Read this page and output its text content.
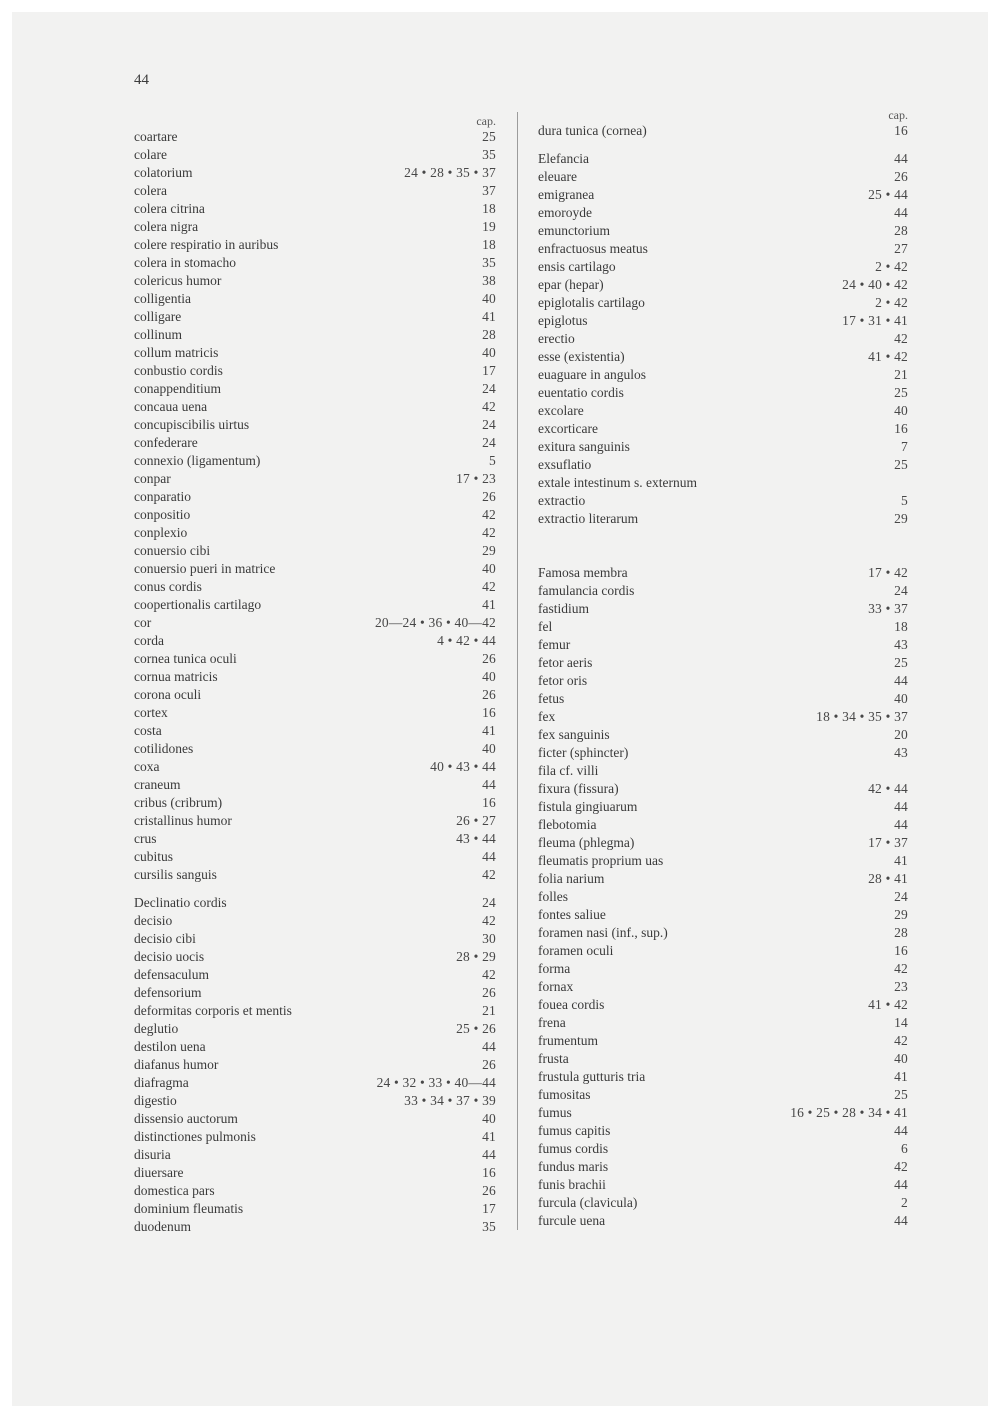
44
cap.
coartare	25
colare	35
colatorium	24 • 28 • 35 • 37
colera	37
colera citrina	18
colera nigra	19
colere respiratio in auribus	18
colera in stomacho	35
colericus humor	38
colligentia	40
colligare	41
collinum	28
collum matricis	40
conbustio cordis	17
conappenditium	24
concaua uena	42
concupiscibilis uirtus	24
confederare	24
connexio (ligamentum)	5
conpar	17 • 23
conparatio	26
conpositio	42
conplexio	42
conuersio cibi	29
conuersio pueri in matrice	40
conus cordis	42
coopertionalis cartilago	41
cor	20—24 • 36 • 40—42
corda	4 • 42 • 44
cornea tunica oculi	26
cornua matricis	40
corona oculi	26
cortex	16
costa	41
cotilidones	40
coxa	40 • 43 • 44
craneum	44
cribus (cribrum)	16
cristallinus humor	26 • 27
crus	43 • 44
cubitus	44
cursilis sanguis	42
Declinatio cordis	24
decisio	42
decisio cibi	30
decisio uocis	28 • 29
defensaculum	42
defensorium	26
deformitas corporis et mentis	21
deglutio	25 • 26
destilon uena	44
diafanus humor	26
diafragma	24 • 32 • 33 • 40—44
digestio	33 • 34 • 37 • 39
dissensio auctorum	40
distinctiones pulmonis	41
disuria	44
diuersare	16
domestica pars	26
dominium fleumatis	17
duodenum	35
cap.
dura tunica (cornea)	16
Elefancia	44
eleuare	26
emigranea	25 • 44
emoroyde	44
emunctorium	28
enfractuosus meatus	27
ensis cartilago	2 • 42
epar (hepar)	24 • 40 • 42
epiglotalis cartilago	2 • 42
epiglotus	17 • 31 • 41
erectio	42
esse (existentia)	41 • 42
euaguare in angulos	21
euentatio cordis	25
excolare	40
excorticare	16
exitura sanguinis	7
exsuflatio	25
extale intestinum s. externum
extractio	5
extractio literarum	29
Famosa membra	17 • 42
famulancia cordis	24
fastidium	33 • 37
fel	18
femur	43
fetor aeris	25
fetor oris	44
fetus	40
fex	18 • 34 • 35 • 37
fex sanguinis	20
ficter (sphincter)	43
fila cf. villi
fixura (fissura)	42 • 44
fistula gingiuarum	44
flebotomia	44
fleuma (phlegma)	17 • 37
fleumatis proprium uas	41
folia narium	28 • 41
folles	24
fontes saliue	29
foramen nasi (inf., sup.)	28
foramen oculi	16
forma	42
fornax	23
fouea cordis	41 • 42
frena	14
frumentum	42
frusta	40
frustula gutturis tria	41
fumositas	25
fumus	16 • 25 • 28 • 34 • 41
fumus capitis	44
fumus cordis	6
fundus maris	42
funis brachii	44
furcula (clavicula)	2
furcule uena	44
